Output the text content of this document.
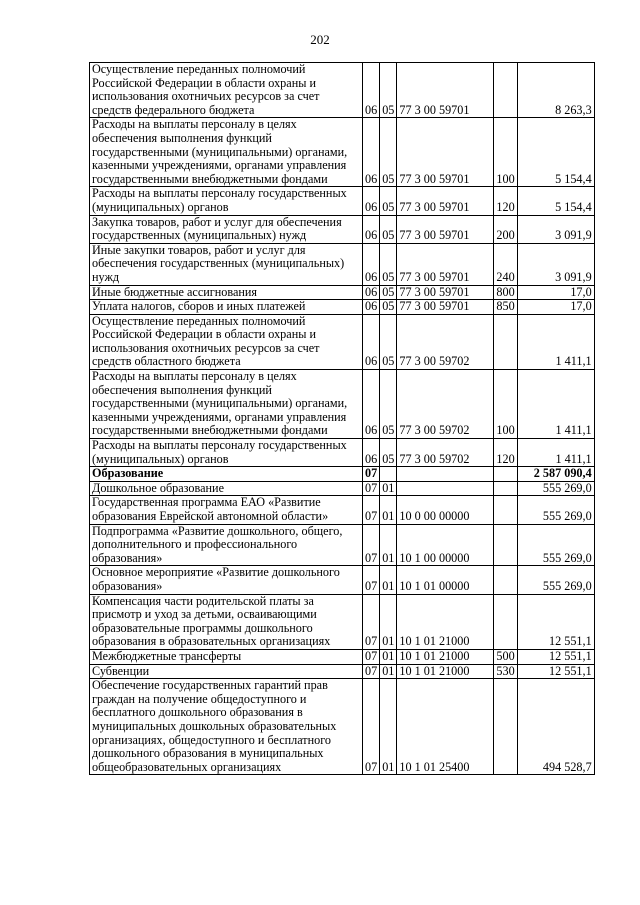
202
Осуществление переданных полномочий Российской Федерации в области охраны и использования охотничьих ресурсов за счет средств федерального бюджета	06	05	77 3 00 59701		8 263,3
Расходы на выплаты персоналу в целях обеспечения выполнения функций государственными (муниципальными) органами, казенными учреждениями, органами управления государственными внебюджетными фондами	06	05	77 3 00 59701	100	5 154,4
Расходы на выплаты персоналу государственных (муниципальных) органов	06	05	77 3 00 59701	120	5 154,4
Закупка товаров, работ и услуг для обеспечения государственных (муниципальных) нужд	06	05	77 3 00 59701	200	3 091,9
Иные закупки товаров, работ и услуг для обеспечения государственных (муниципальных) нужд	06	05	77 3 00 59701	240	3 091,9
Иные бюджетные ассигнования	06	05	77 3 00 59701	800	17,0
Уплата налогов, сборов и иных платежей	06	05	77 3 00 59701	850	17,0
Осуществление переданных полномочий Российской Федерации в области охраны и использования охотничьих ресурсов за счет средств областного бюджета	06	05	77 3 00 59702		1 411,1
Расходы на выплаты персоналу в целях обеспечения выполнения функций государственными (муниципальными) органами, казенными учреждениями, органами управления государственными внебюджетными фондами	06	05	77 3 00 59702	100	1 411,1
Расходы на выплаты персоналу государственных (муниципальных) органов	06	05	77 3 00 59702	120	1 411,1
Образование	07				2 587 090,4
Дошкольное образование	07	01			555 269,0
Государственная программа ЕАО «Развитие образования Еврейской автономной области»	07	01	10 0 00 00000		555 269,0
Подпрограмма «Развитие дошкольного, общего, дополнительного и профессионального образования»	07	01	10 1 00 00000		555 269,0
Основное мероприятие «Развитие дошкольного образования»	07	01	10 1 01 00000		555 269,0
Компенсация части родительской платы за присмотр и уход за детьми, осваивающими образовательные программы дошкольного образования в образовательных организациях	07	01	10 1 01 21000		12 551,1
Межбюджетные трансферты	07	01	10 1 01 21000	500	12 551,1
Субвенции	07	01	10 1 01 21000	530	12 551,1
Обеспечение государственных гарантий прав граждан на получение общедоступного и бесплатного дошкольного образования в муниципальных дошкольных образовательных организациях, общедоступного и бесплатного дошкольного образования в муниципальных общеобразовательных организациях	07	01	10 1 01 25400		494 528,7
